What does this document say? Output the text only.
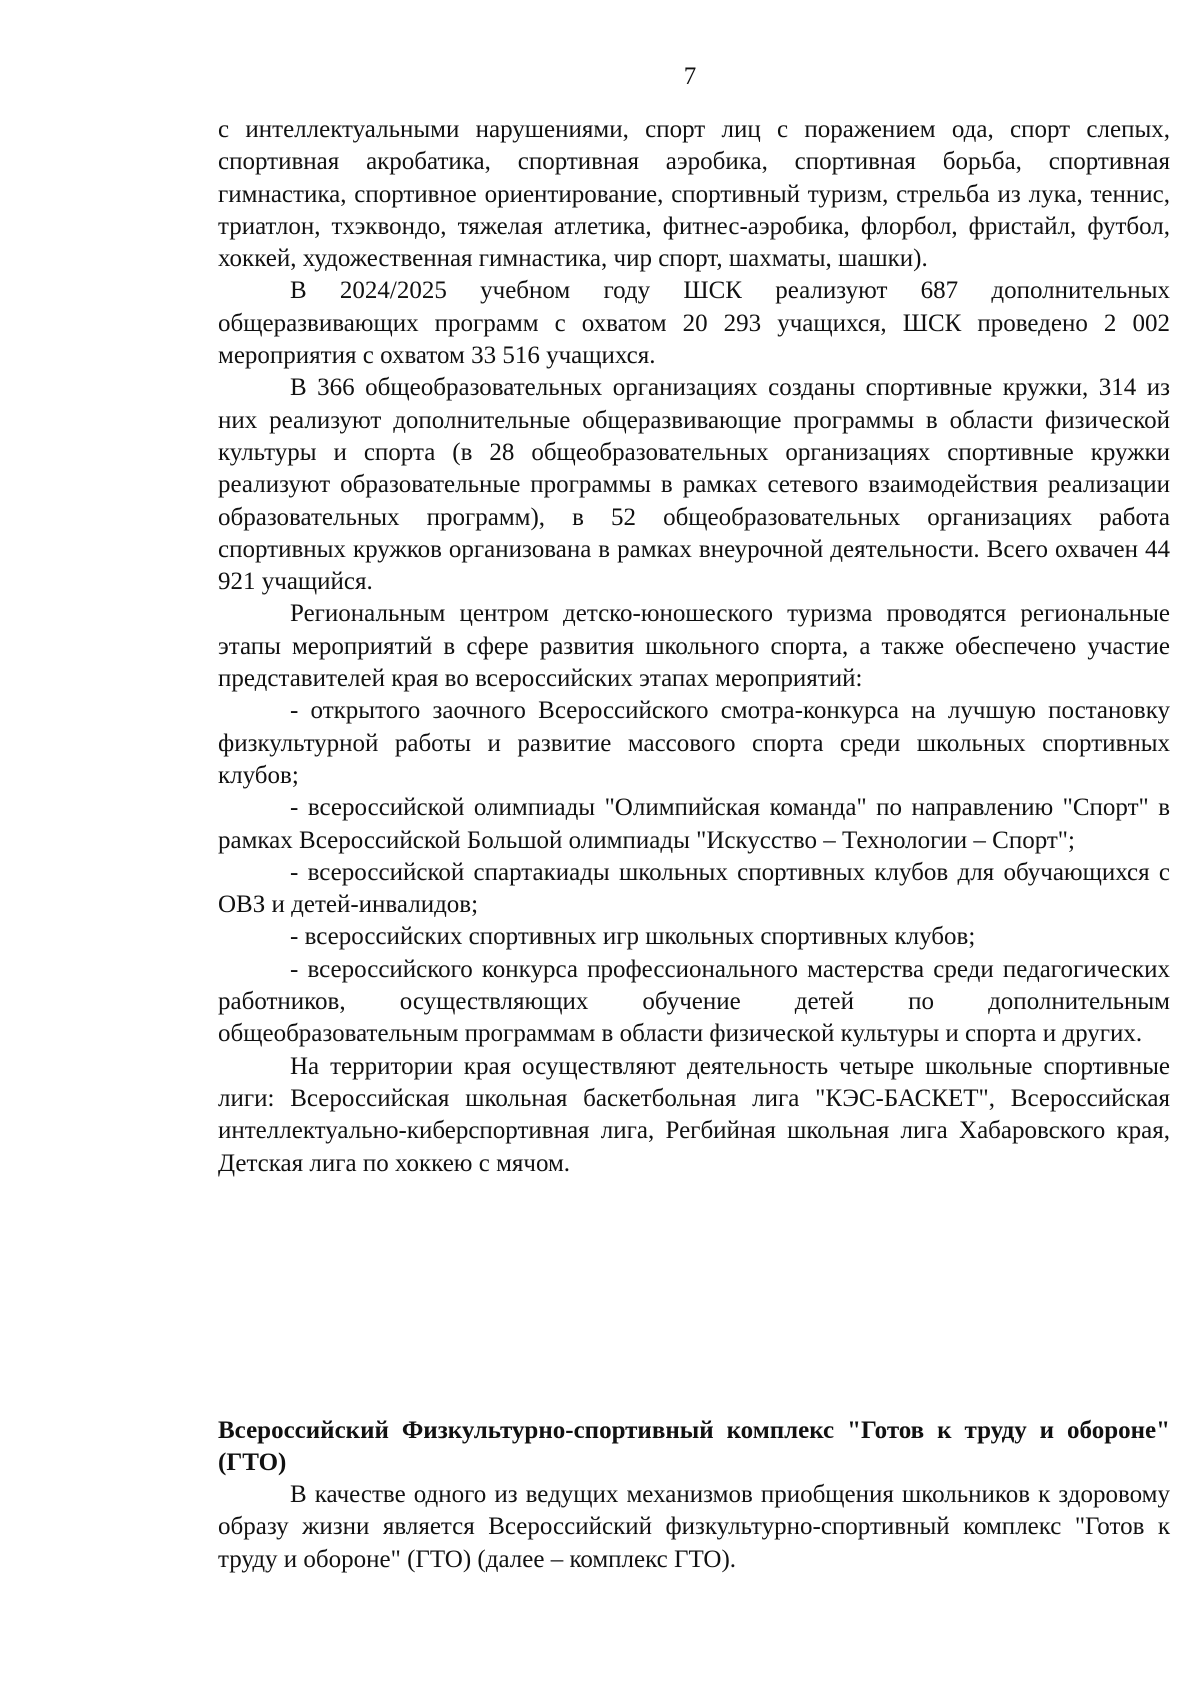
7

с интеллектуальными нарушениями, спорт лиц с поражением ода, спорт слепых, спортивная акробатика, спортивная аэробика, спортивная борьба, спортивная гимнастика, спортивное ориентирование, спортивный туризм, стрельба из лука, теннис, триатлон, тхэквондо, тяжелая атлетика, фитнес-аэробика, флорбол, фристайл, футбол, хоккей, художественная гимнастика, чир спорт, шахматы, шашки).

В 2024/2025 учебном году ШСК реализуют 687 дополнительных общеразвивающих программ с охватом 20 293 учащихся, ШСК проведено 2 002 мероприятия с охватом 33 516 учащихся.

В 366 общеобразовательных организациях созданы спортивные кружки, 314 из них реализуют дополнительные общеразвивающие программы в области физической культуры и спорта (в 28 общеобразовательных организациях спортивные кружки реализуют образовательные программы в рамках сетевого взаимодействия реализации образовательных программ), в 52 общеобразовательных организациях работа спортивных кружков организована в рамках внеурочной деятельности. Всего охвачен 44 921 учащийся.

Региональным центром детско-юношеского туризма проводятся региональные этапы мероприятий в сфере развития школьного спорта, а также обеспечено участие представителей края во всероссийских этапах мероприятий:

- открытого заочного Всероссийского смотра-конкурса на лучшую постановку физкультурной работы и развитие массового спорта среди школьных спортивных клубов;

- всероссийской олимпиады "Олимпийская команда" по направлению "Спорт" в рамках Всероссийской Большой олимпиады "Искусство – Технологии – Спорт";

- всероссийской спартакиады школьных спортивных клубов для обучающихся с ОВЗ и детей-инвалидов;

- всероссийских спортивных игр школьных спортивных клубов;

- всероссийского конкурса профессионального мастерства среди педагогических работников, осуществляющих обучение детей по дополнительным общеобразовательным программам в области физической культуры и спорта и других.

На территории края осуществляют деятельность четыре школьные спортивные лиги: Всероссийская школьная баскетбольная лига "КЭС-БАСКЕТ", Всероссийская интеллектуально-киберспортивная лига, Регбийная школьная лига Хабаровского края, Детская лига по хоккею с мячом.

Всероссийский Физкультурно-спортивный комплекс "Готов к труду и обороне" (ГТО)

В качестве одного из ведущих механизмов приобщения школьников к здоровому образу жизни является Всероссийский физкультурно-спортивный комплекс "Готов к труду и обороне" (ГТО) (далее – комплекс ГТО).
